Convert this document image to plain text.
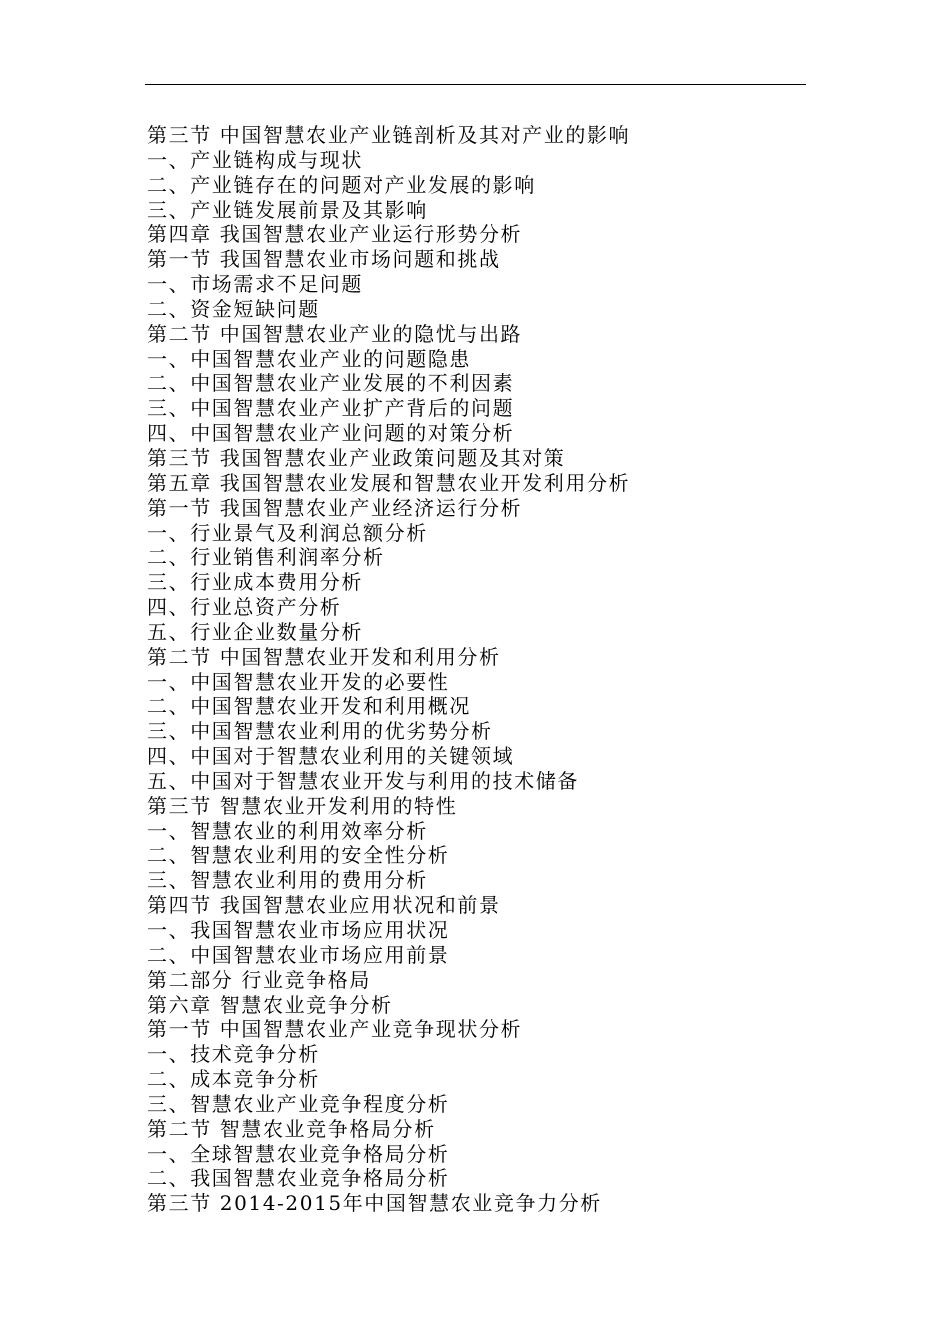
第三节 中国智慧农业产业链剖析及其对产业的影响
一、产业链构成与现状
二、产业链存在的问题对产业发展的影响
三、产业链发展前景及其影响
第四章 我国智慧农业产业运行形势分析
第一节 我国智慧农业市场问题和挑战
一、市场需求不足问题
二、资金短缺问题
第二节 中国智慧农业产业的隐忧与出路
一、中国智慧农业产业的问题隐患
二、中国智慧农业产业发展的不利因素
三、中国智慧农业产业扩产背后的问题
四、中国智慧农业产业问题的对策分析
第三节 我国智慧农业产业政策问题及其对策
第五章 我国智慧农业发展和智慧农业开发利用分析
第一节 我国智慧农业产业经济运行分析
一、行业景气及利润总额分析
二、行业销售利润率分析
三、行业成本费用分析
四、行业总资产分析
五、行业企业数量分析
第二节 中国智慧农业开发和利用分析
一、中国智慧农业开发的必要性
二、中国智慧农业开发和利用概况
三、中国智慧农业利用的优劣势分析
四、中国对于智慧农业利用的关键领域
五、中国对于智慧农业开发与利用的技术储备
第三节 智慧农业开发利用的特性
一、智慧农业的利用效率分析
二、智慧农业利用的安全性分析
三、智慧农业利用的费用分析
第四节 我国智慧农业应用状况和前景
一、我国智慧农业市场应用状况
二、中国智慧农业市场应用前景
第二部分 行业竞争格局
第六章 智慧农业竞争分析
第一节 中国智慧农业产业竞争现状分析
一、技术竞争分析
二、成本竞争分析
三、智慧农业产业竞争程度分析
第二节 智慧农业竞争格局分析
一、全球智慧农业竞争格局分析
二、我国智慧农业竞争格局分析
第三节 2014-2015年中国智慧农业竞争力分析
